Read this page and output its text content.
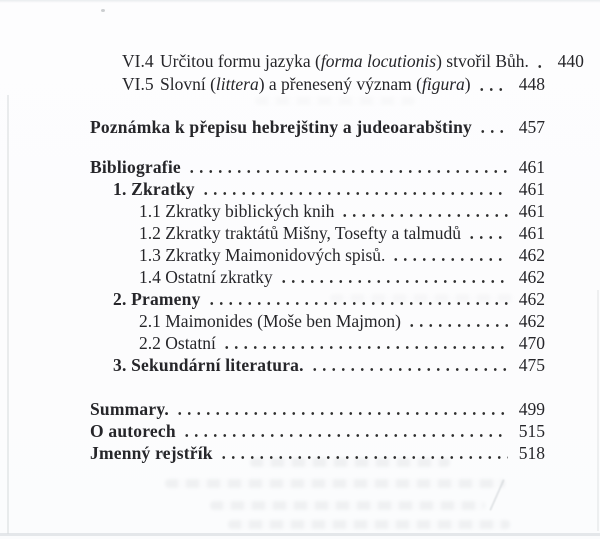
VI.4 Určitou formu jazyka (forma locutionis) stvořil Bůh. 440
VI.5 Slovní (littera) a přenesený význam (figura)	448
Poznámka k přepisu hebrejštiny a judeoarabštiny	457
Bibliografie	461
1. Zkratky	461
1.1 Zkratky biblických knih	461
1.2 Zkratky traktátů Mišny, Tosefty a talmudů	461
1.3 Zkratky Maimonidových spisů.	462
1.4 Ostatní zkratky	462
2. Prameny	462
2.1 Maimonides (Moše ben Majmon)	462
2.2 Ostatní	470
3. Sekundární literatura.	475
Summary.	499
O autorech	515
Jmenný rejstřík	518
